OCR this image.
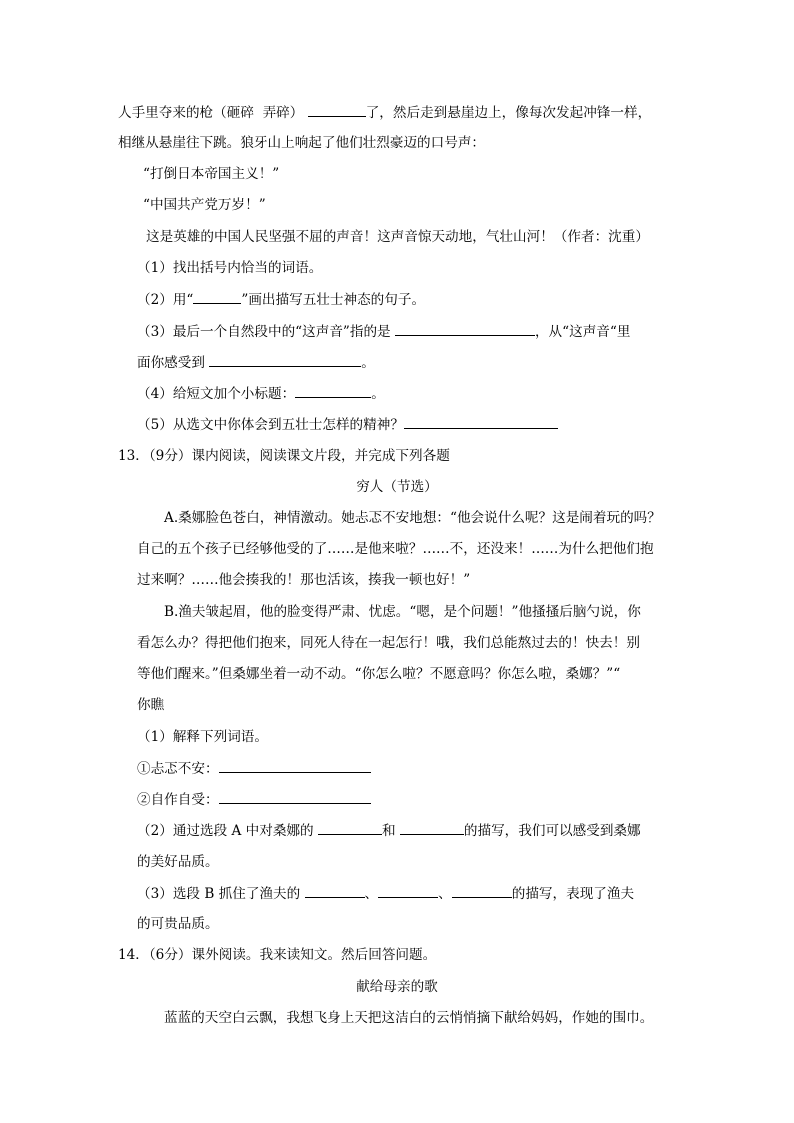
人手里夺来的枪（砸碎  弄碎）	了，然后走到悬崖边上，像每次发起冲锋一样，
相继从悬崖往下跳。狼牙山上响起了他们壮烈豪迈的口号声：
“打倒日本帝国主义！”
“中国共产党万岁！”
这是英雄的中国人民坚强不屈的声音！这声音惊天动地，气壮山河！（作者：沈重）
（1）找出括号内恰当的词语。
（2）用“	”画出描写五壮士神态的句子。
（3）最后一个自然段中的“这声音”指的是	，从“这声音“里
面你感受到	。
（4）给短文加个小标题：	。
（5）从选文中你体会到五壮士怎样的精神？
13．（9分）课内阅读，阅读课文片段，并完成下列各题
穷人（节选）
A.桑娜脸色苍白，神情激动。她忐忑不安地想：“他会说什么呢？这是闹着玩的吗？
自己的五个孩子已经够他受的了……是他来啦？……不，还没来！……为什么把他们抱
过来啊？……他会揍我的！那也活该，揍我一顿也好！”
B.渔夫皱起眉，他的脸变得严肃、忧虑。“嗯，是个问题！”他搔搔后脑勺说，你
看怎么办？得把他们抱来，同死人待在一起怎行！哦，我们总能熬过去的！快去！别
等他们醒来。”但桑娜坐着一动不动。“你怎么啦？不愿意吗？你怎么啦，桑娜？”“
你瞧
（1）解释下列词语。
①忐忑不安：
②自作自受：
（2）通过选段 A 中对桑娜的	和	的描写，我们可以感受到桑娜
的美好品质。
（3）选段 B 抓住了渔夫的	、	、	的描写，表现了渔夫
的可贵品质。
14．（6分）课外阅读。我来读知文。然后回答问题。
献给母亲的歌
蓝蓝的天空白云飘，我想飞身上天把这洁白的云悄悄摘下献给妈妈，作她的围巾。
